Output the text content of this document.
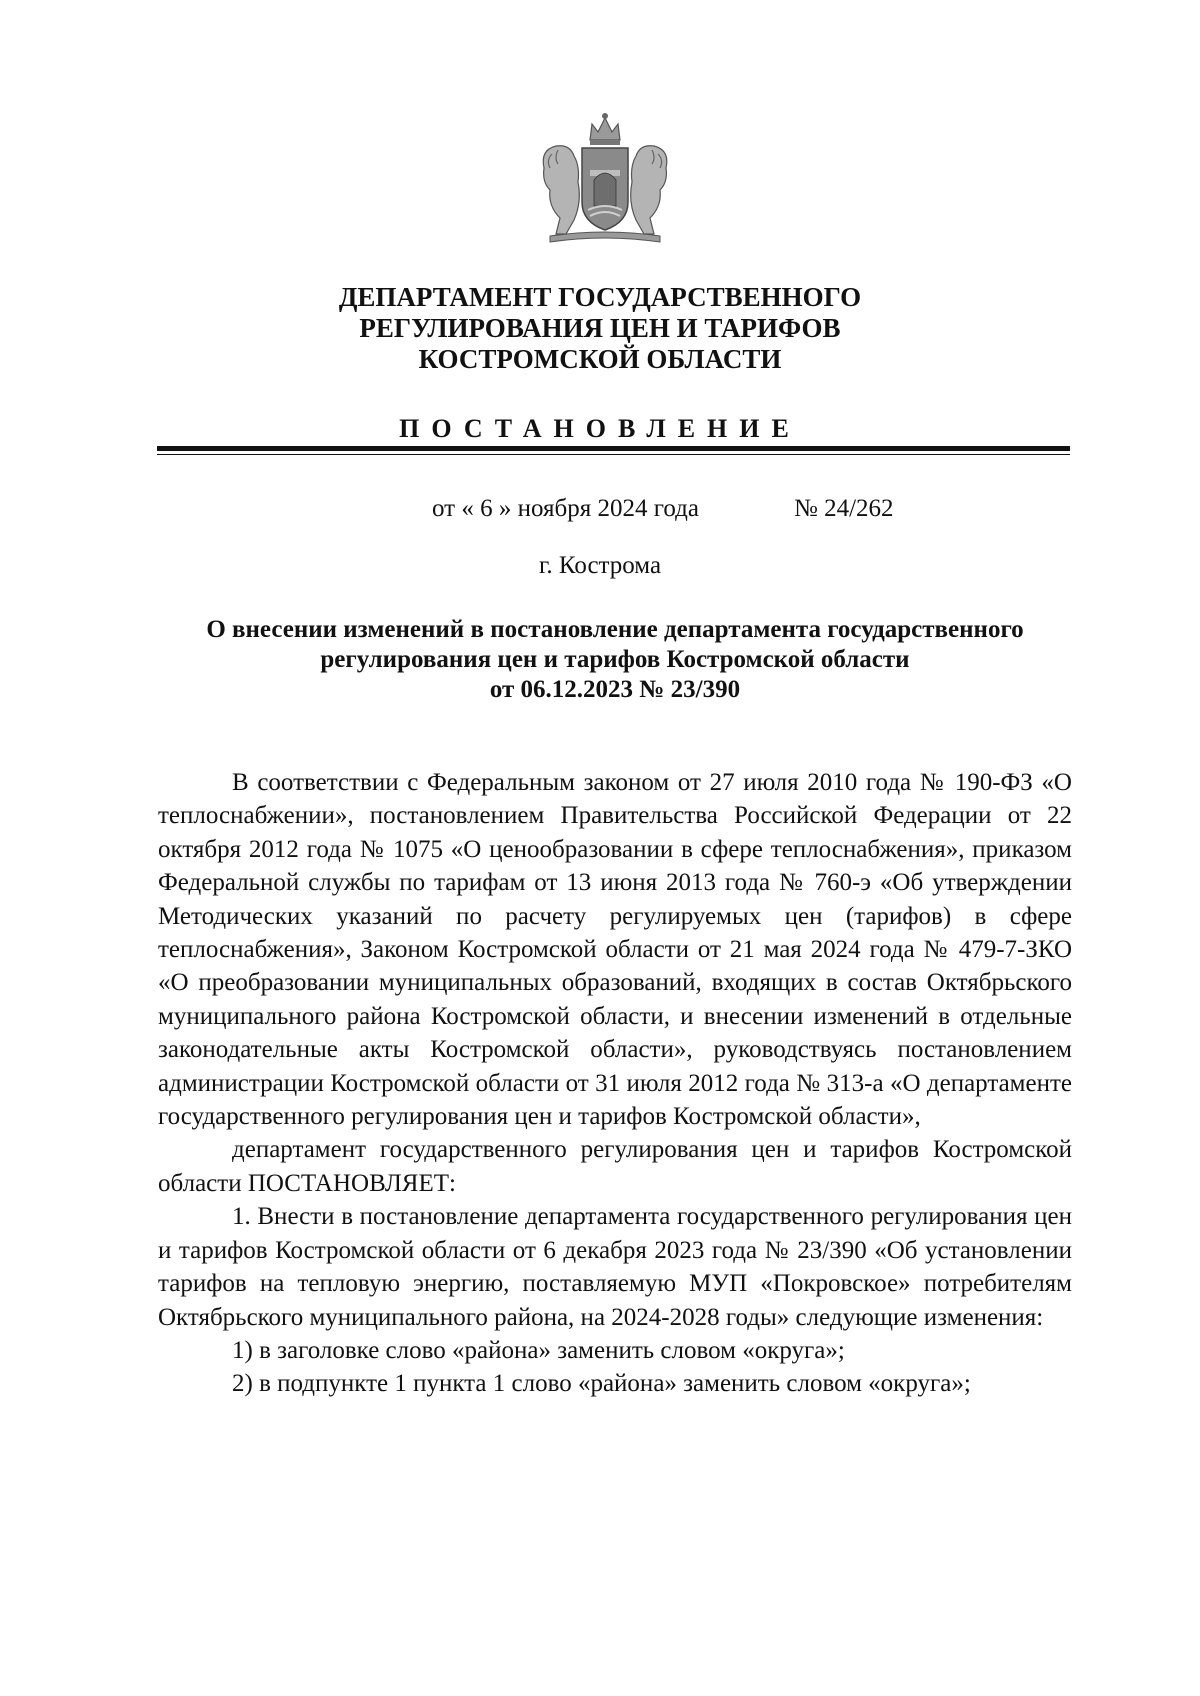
ДЕПАРТАМЕНТ ГОСУДАРСТВЕННОГО
РЕГУЛИРОВАНИЯ ЦЕН И ТАРИФОВ
КОСТРОМСКОЙ ОБЛАСТИ
ПОСТАНОВЛЕНИЕ
от « 6 » ноября 2024 года	№ 24/262
г. Кострома
О внесении изменений в постановление департамента государственного
регулирования цен и тарифов Костромской области
от 06.12.2023 № 23/390

В соответствии с Федеральным законом от 27 июля 2010 года № 190-ФЗ «О теплоснабжении», постановлением Правительства Российской Федерации от 22 октября 2012 года № 1075 «О ценообразовании в сфере теплоснабжения», приказом Федеральной службы по тарифам от 13 июня 2013 года № 760-э «Об утверждении Методических указаний по расчету регулируемых цен (тарифов) в сфере теплоснабжения», Законом Костромской области от 21 мая 2024 года № 479-7-ЗКО «О преобразовании муниципальных образований, входящих в состав Октябрьского муниципального района Костромской области, и внесении изменений в отдельные законодательные акты Костромской области», руководствуясь постановлением администрации Костромской области от 31 июля 2012 года № 313-а «О департаменте государственного регулирования цен и тарифов Костромской области»,

департамент государственного регулирования цен и тарифов Костромской области ПОСТАНОВЛЯЕТ:

1. Внести в постановление департамента государственного регулирования цен и тарифов Костромской области от 6 декабря 2023 года № 23/390 «Об установлении тарифов на тепловую энергию, поставляемую МУП «Покровское» потребителям Октябрьского муниципального района, на 2024-2028 годы» следующие изменения:

1) в заголовке слово «района» заменить словом «округа»;

2) в подпункте 1 пункта 1 слово «района» заменить словом «округа»;
